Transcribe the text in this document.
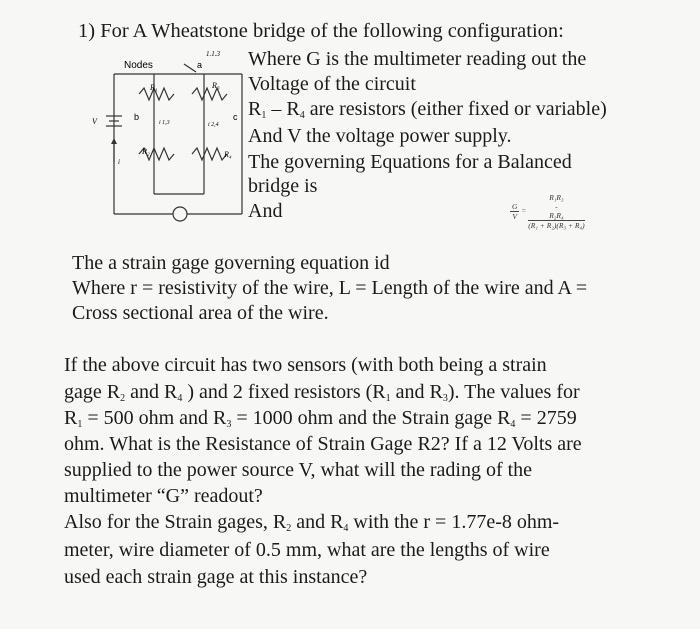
1) For A Wheatstone bridge of the following configuration:
Nodes	a
b	c
R₁
R₂
R₃
R₄
V
1.1.3
i 1,3	i 2,4
i
Where G is the multimeter reading out the
Voltage of the circuit
$R_1 - R_4$ are resistors (either fixed or variable)
And V the voltage power supply.
The governing Equations for a Balanced
bridge is
And	$\frac{G}{V} = R_1R_3$
-
R₂R₄
(R₁ + R₂)(R₃ + R₄)
The a strain gage governing equation id
Where r = resistivity of the wire, L = Length of the wire and A =
Cross sectional area of the wire.
If the above circuit has two sensors (with both being a strain
gage $R_2$ and $R_4$ ) and 2 fixed resistors ($R_1$ and $R_3$). The values for
$R_1 = 500$ ohm and $R_3 = 1000$ ohm and the Strain gage $R_4 = 2759$
ohm. What is the Resistance of Strain Gage R2? If a 12 Volts are
supplied to the power source V, what will the rading of the
multimeter “G” readout?
Also for the Strain gages, $R_2$ and $R_4$ with the r = 1.77e-8 ohm-
meter, wire diameter of 0.5 mm, what are the lengths of wire
used each strain gage at this instance?
